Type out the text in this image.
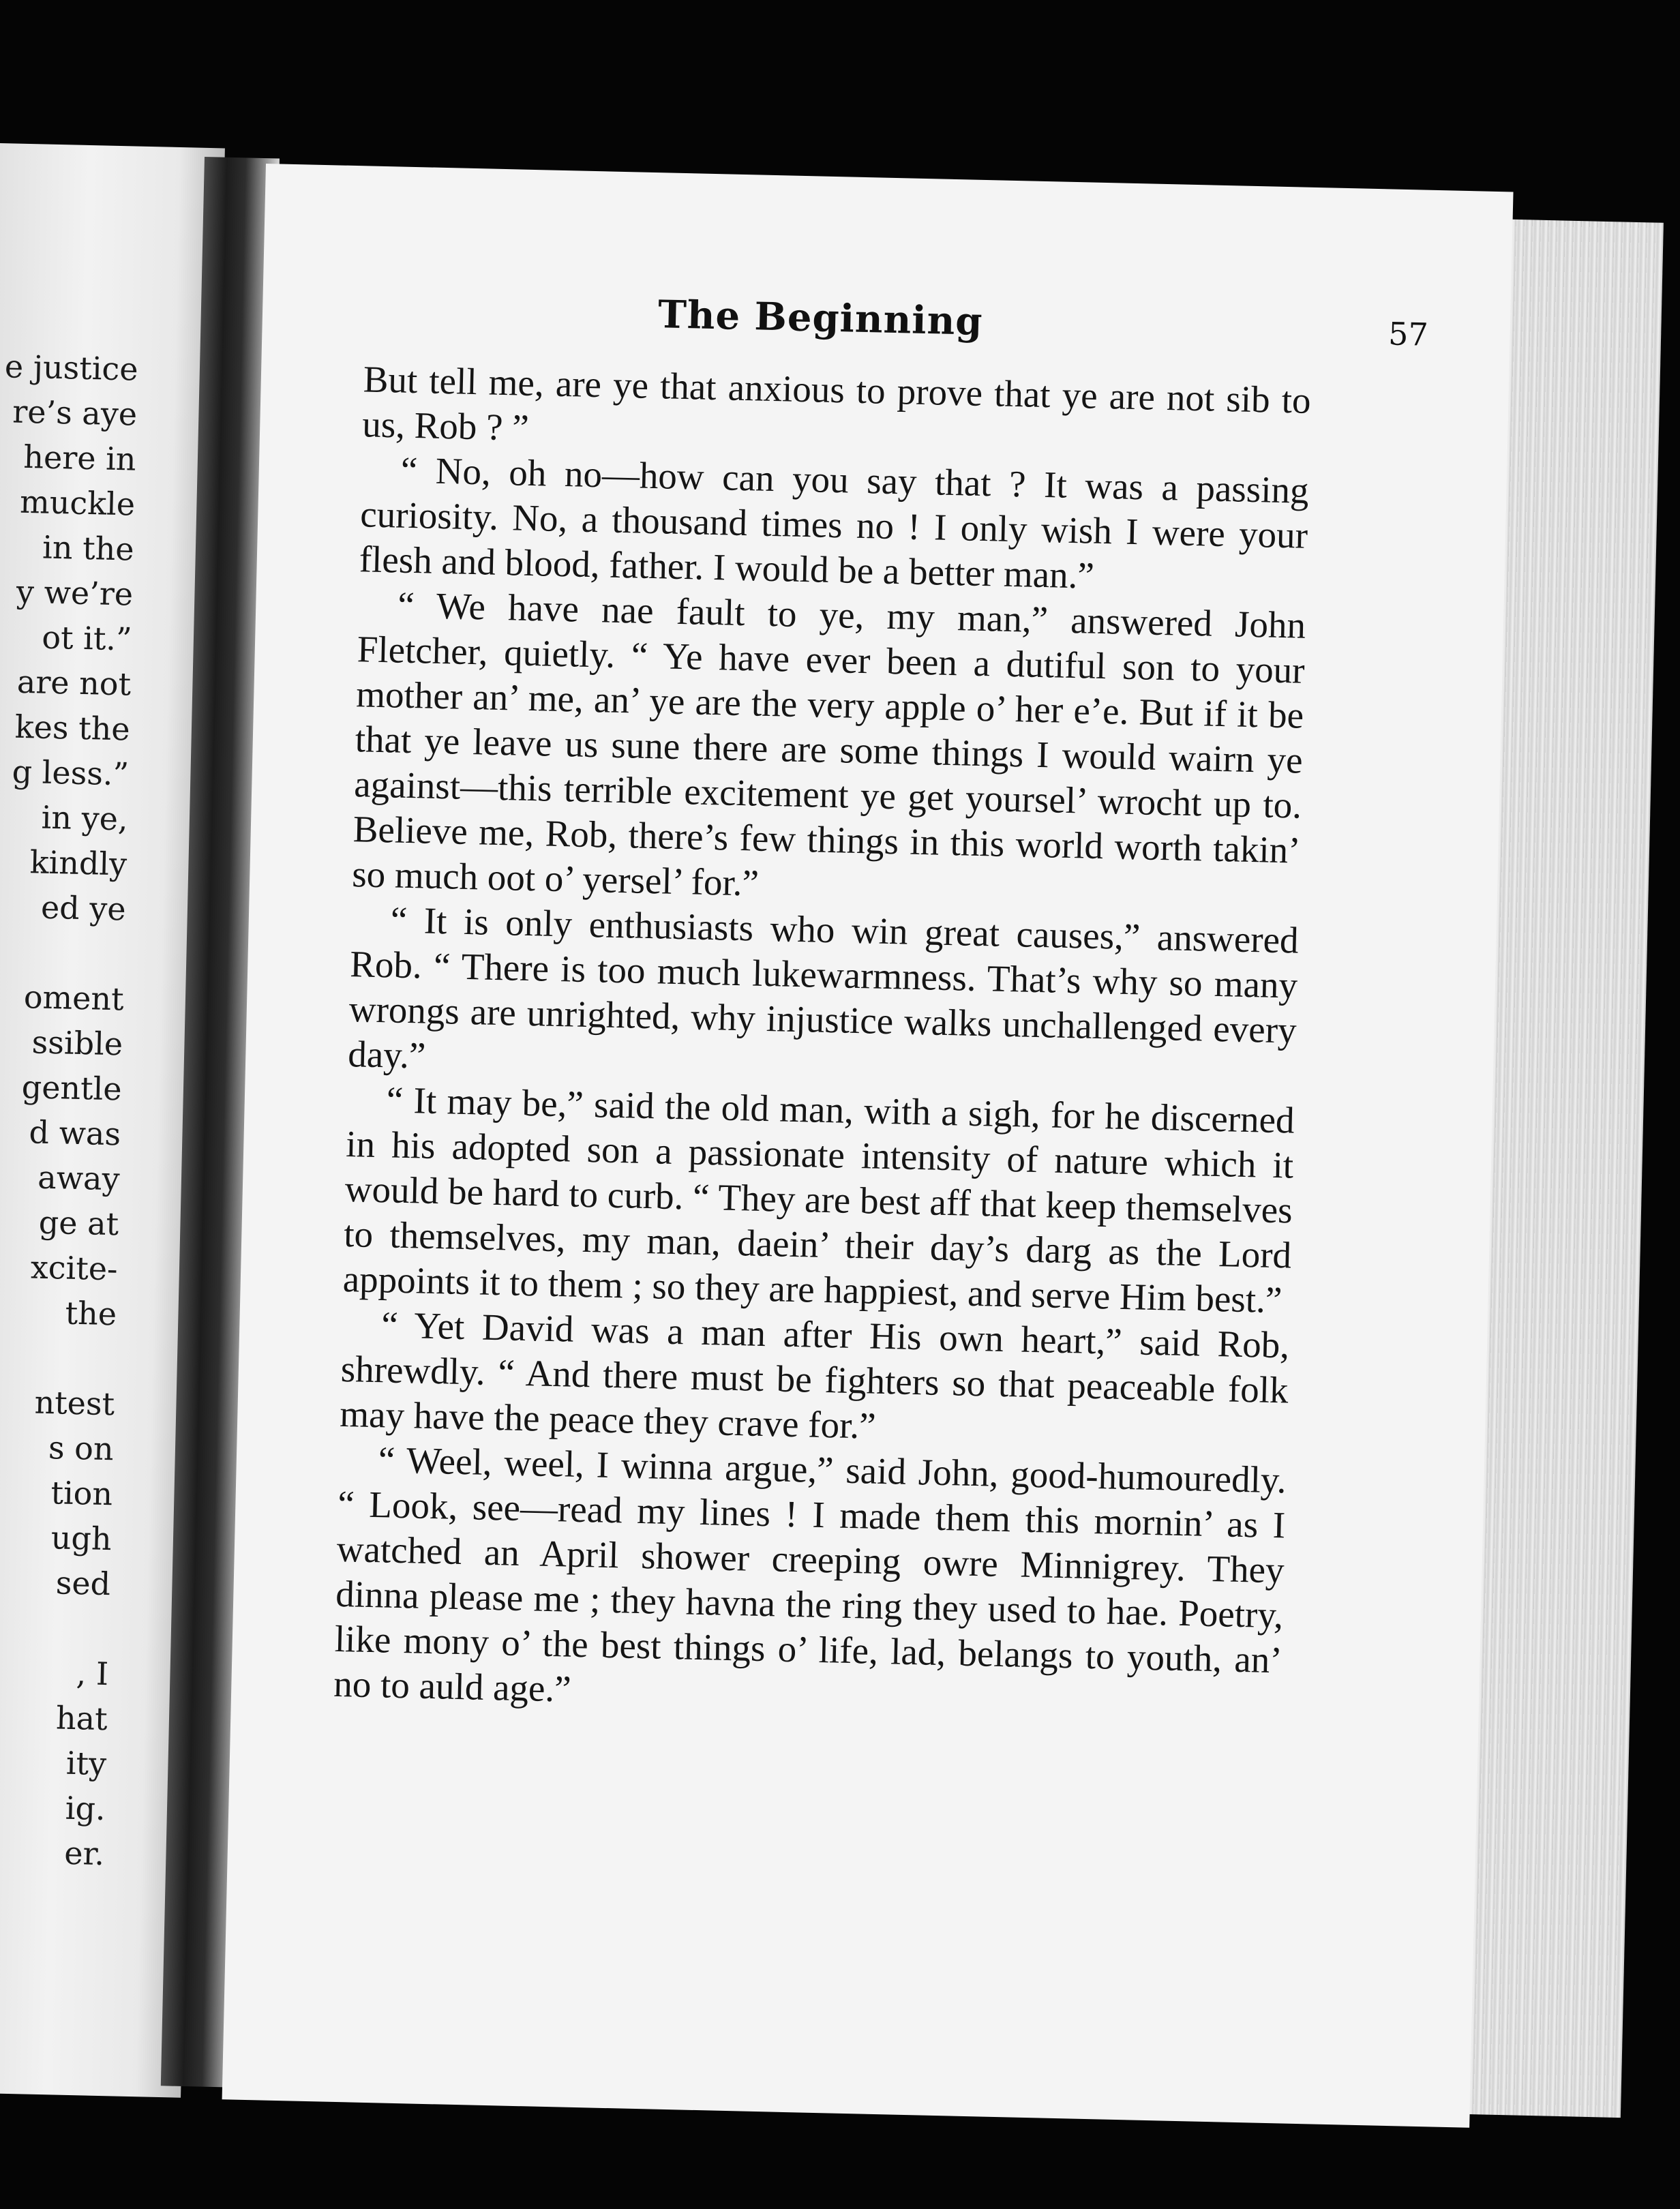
e justice
re’s aye
here in
muckle
in the
y we’re
ot it.”
are not
kes the
g less.”
in ye,
kindly
ed ye
oment
ssible
gentle
d was
away
ge at
xcite-
the
ntest
s on
tion
ugh
sed
, I
hat
ity
ig.
er.
The Beginning	57

But tell me, are ye that anxious to prove that ye are not sib to us, Rob ? ”

“ No, oh no—how can you say that ? It was a passing curiosity. No, a thousand times no ! I only wish I were your flesh and blood, father. I would be a better man.”

“ We have nae fault to ye, my man,” answered John Fletcher, quietly. “ Ye have ever been a dutiful son to your mother an’ me, an’ ye are the very apple o’ her e’e. But if it be that ye leave us sune there are some things I would wairn ye against—this terrible excitement ye get yoursel’ wrocht up to. Believe me, Rob, there’s few things in this world worth takin’ so much oot o’ yersel’ for.”

“ It is only enthusiasts who win great causes,” answered Rob. “ There is too much lukewarmness. That’s why so many wrongs are unrighted, why injustice walks unchallenged every day.”

“ It may be,” said the old man, with a sigh, for he discerned in his adopted son a passionate intensity of nature which it would be hard to curb. “ They are best aff that keep themselves to themselves, my man, daein’ their day’s darg as the Lord appoints it to them ; so they are happiest, and serve Him best.”

“ Yet David was a man after His own heart,” said Rob, shrewdly. “ And there must be fighters so that peaceable folk may have the peace they crave for.”

“ Weel, weel, I winna argue,” said John, good-humouredly. “ Look, see—read my lines ! I made them this mornin’ as I watched an April shower creeping owre Minnigrey. They dinna please me ; they havna the ring they used to hae. Poetry, like mony o’ the best things o’ life, lad, belangs to youth, an’ no to auld age.”
